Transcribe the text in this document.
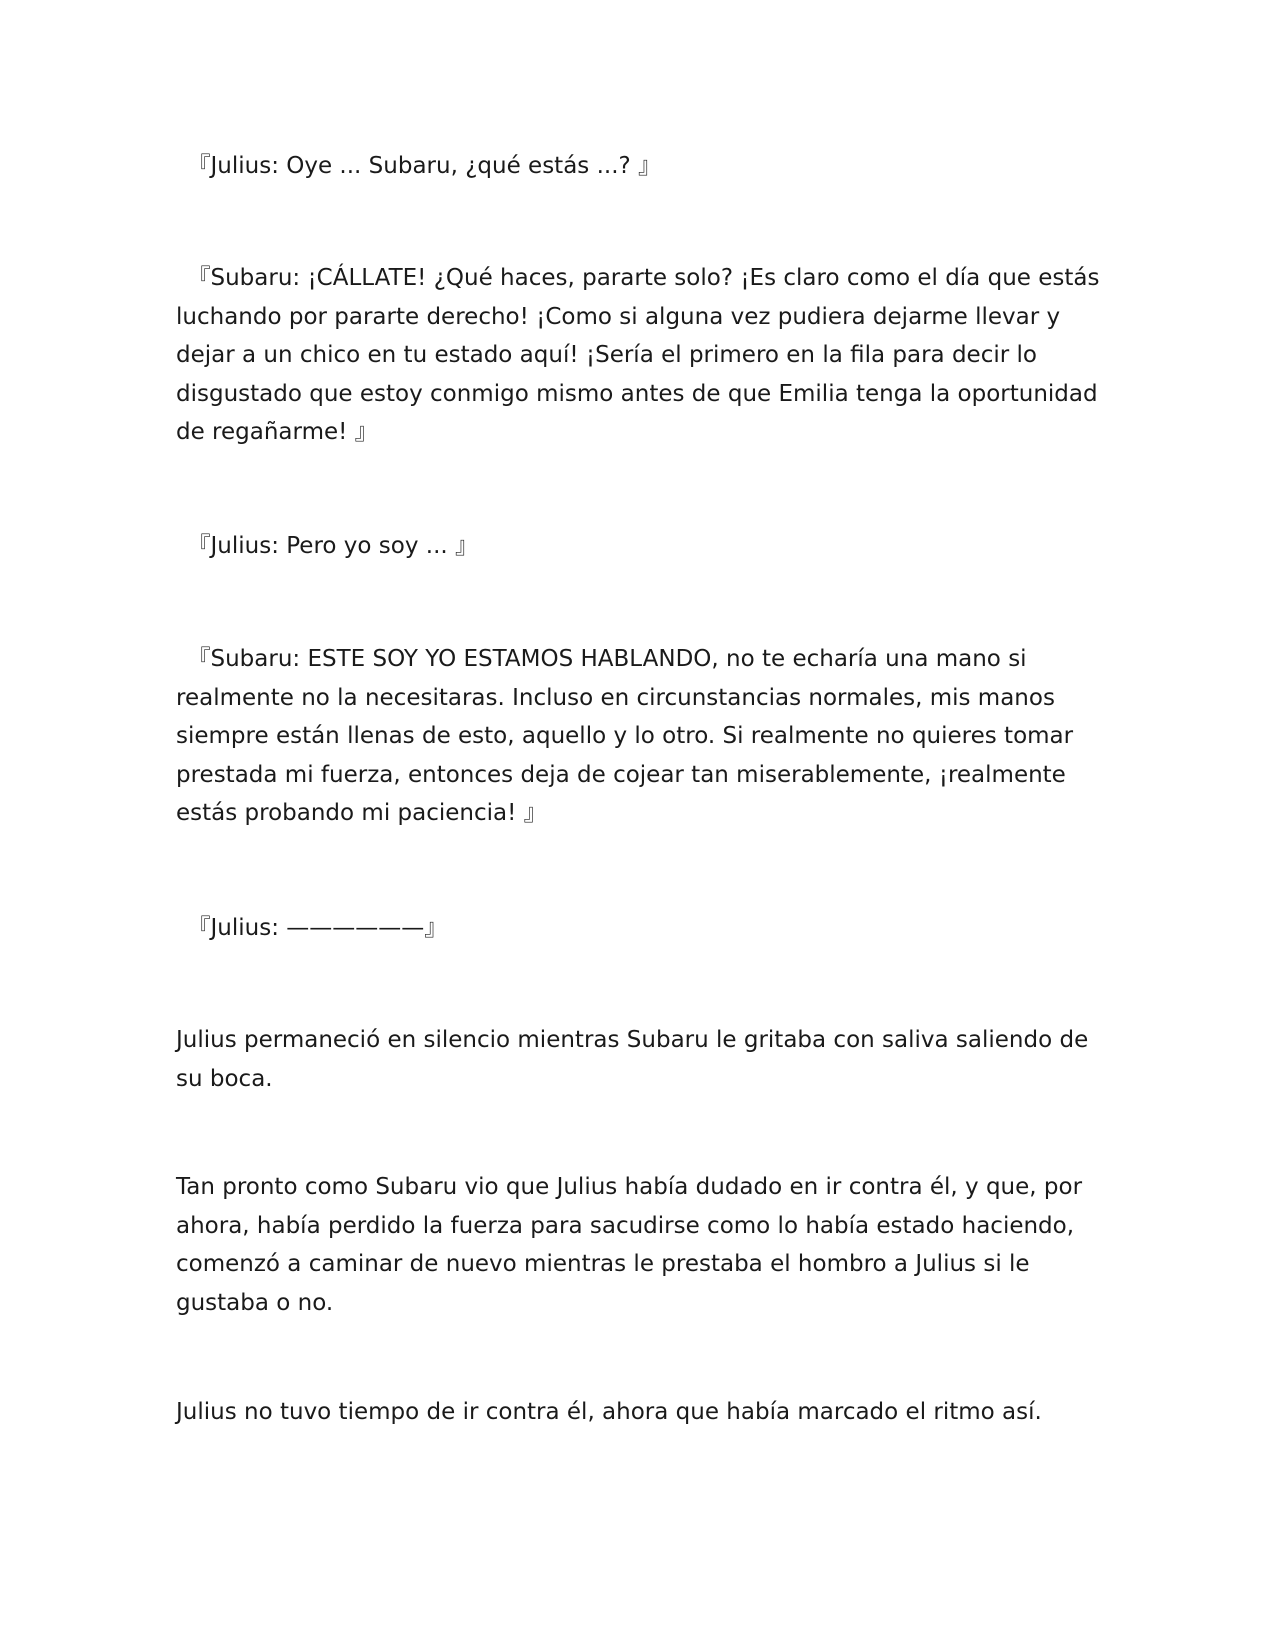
　『Julius: Oye ... Subaru, ¿qué estás ...? 』

　『Subaru: ¡CÁLLATE! ¿Qué haces, pararte solo? ¡Es claro como el día que estás luchando por pararte derecho! ¡Como si alguna vez pudiera dejarme llevar y dejar a un chico en tu estado aquí! ¡Sería el primero en la fila para decir lo disgustado que estoy conmigo mismo antes de que Emilia tenga la oportunidad de regañarme! 』

　『Julius: Pero yo soy ... 』

　『Subaru: ESTE SOY YO ESTAMOS HABLANDO, no te echaría una mano si realmente no la necesitaras. Incluso en circunstancias normales, mis manos siempre están llenas de esto, aquello y lo otro. Si realmente no quieres tomar prestada mi fuerza, entonces deja de cojear tan miserablemente, ¡realmente estás probando mi paciencia! 』

　『Julius: ——————』

Julius permaneció en silencio mientras Subaru le gritaba con saliva saliendo de su boca.

Tan pronto como Subaru vio que Julius había dudado en ir contra él, y que, por ahora, había perdido la fuerza para sacudirse como lo había estado haciendo, comenzó a caminar de nuevo mientras le prestaba el hombro a Julius si le gustaba o no.

Julius no tuvo tiempo de ir contra él, ahora que había marcado el ritmo así.
